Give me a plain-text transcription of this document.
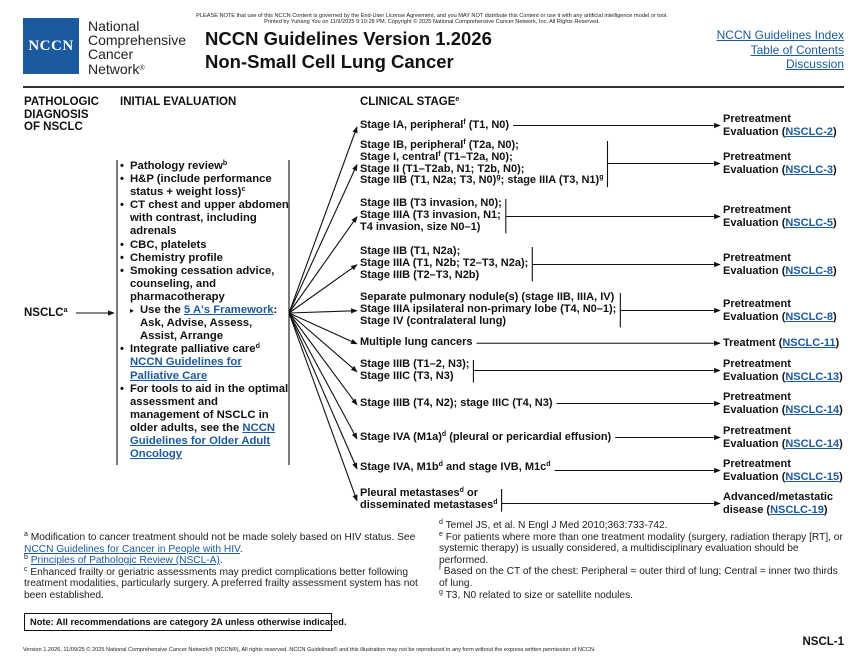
PLEASE NOTE that use of this NCCN Content is governed by the End-User License Agreement, and you MAY NOT distribute this Content or use it with any artificial intelligence model or tool.
Printed by Yuhang You on 11/9/2025 9:10:28 PM. Copyright © 2025 National Comprehensive Cancer Network, Inc. All Rights Reserved.
NCCN
National
Comprehensive
Cancer
Network®
NCCN Guidelines Version 1.2026
Non-Small Cell Lung Cancer
NCCN Guidelines Index
Table of Contents
Discussion
PATHOLOGIC
DIAGNOSIS
OF NSCLC
INITIAL EVALUATION	CLINICAL STAGE$^e$
NSCLC$^a$
• Pathology review$^b$
• H&P (include performance status + weight loss)$^c$
• CT chest and upper abdomen with contrast, including adrenals
• CBC, platelets
• Chemistry profile
• Smoking cessation advice, counseling, and pharmacotherapy
▸ Use the 5 A's Framework: Ask, Advise, Assess, Assist, Arrange
• Integrate palliative care$^d$
NCCN Guidelines for Palliative Care
• For tools to aid in the optimal assessment and management of NSCLC in older adults, see the NCCN Guidelines for Older Adult Oncology
Stage IA, peripheral$^f$ (T1, N0)	Pretreatment
Evaluation (NSCLC-2)
Stage IB, peripheral$^f$ (T2a, N0);
Stage I, central$^f$ (T1–T2a, N0);
Stage II (T1–T2ab, N1; T2b, N0);
Stage IIB (T1, N2a; T3, N0)$^g$; stage IIIA (T3, N1)$^g$
Pretreatment
Evaluation (NSCLC-3)
Stage IIB (T3 invasion, N0);
Stage IIIA (T3 invasion, N1;
T4 invasion, size N0–1)
Pretreatment
Evaluation (NSCLC-5)
Stage IIB (T1, N2a);
Stage IIIA (T1, N2b; T2–T3, N2a);
Stage IIIB (T2–T3, N2b)
Pretreatment
Evaluation (NSCLC-8)
Separate pulmonary nodule(s) (stage IIB, IIIA, IV)
Stage IIIA ipsilateral non-primary lobe (T4, N0–1);
Stage IV (contralateral lung)
Pretreatment
Evaluation (NSCLC-8)
Multiple lung cancers	Treatment (NSCLC-11)
Stage IIIB (T1–2, N3);
Stage IIIC (T3, N3)
Pretreatment
Evaluation (NSCLC-13)
Stage IIIB (T4, N2); stage IIIC (T4, N3)	Pretreatment
Evaluation (NSCLC-14)
Stage IVA $(M1a)^d$ (pleural or pericardial effusion)	Pretreatment
Evaluation (NSCLC-14)
Stage IVA, $M1b^d$ and stage IVB, $M1c^d$	Pretreatment
Evaluation (NSCLC-15)
Pleural metastases$^d$ or
disseminated metastases$^d$	Advanced/metastatic
disease (NSCLC-19)
$^a$ Modification to cancer treatment should not be made solely based on HIV status. See NCCN Guidelines for Cancer in People with HIV.
$^b$ Principles of Pathologic Review (NSCL-A).
$^c$ Enhanced frailty or geriatric assessments may predict complications better following treatment modalities, particularly surgery. A preferred frailty assessment system has not been established.
$^d$ Temel JS, et al. N Engl J Med 2010;363:733-742.
$^e$ For patients where more than one treatment modality (surgery, radiation therapy [RT], or systemic therapy) is usually considered, a multidisciplinary evaluation should be performed.
$^f$ Based on the CT of the chest: Peripheral = outer third of lung; Central = inner two thirds of lung.
$^g$ T3, N0 related to size or satellite nodules.
Note: All recommendations are category 2A unless otherwise indicated.
NSCL-1
Version 1.2026, 11/09/25 © 2025 National Comprehensive Cancer Network® (NCCN®), All rights reserved. NCCN Guidelines® and this illustration may not be reproduced in any form without the express written permission of NCCN.
